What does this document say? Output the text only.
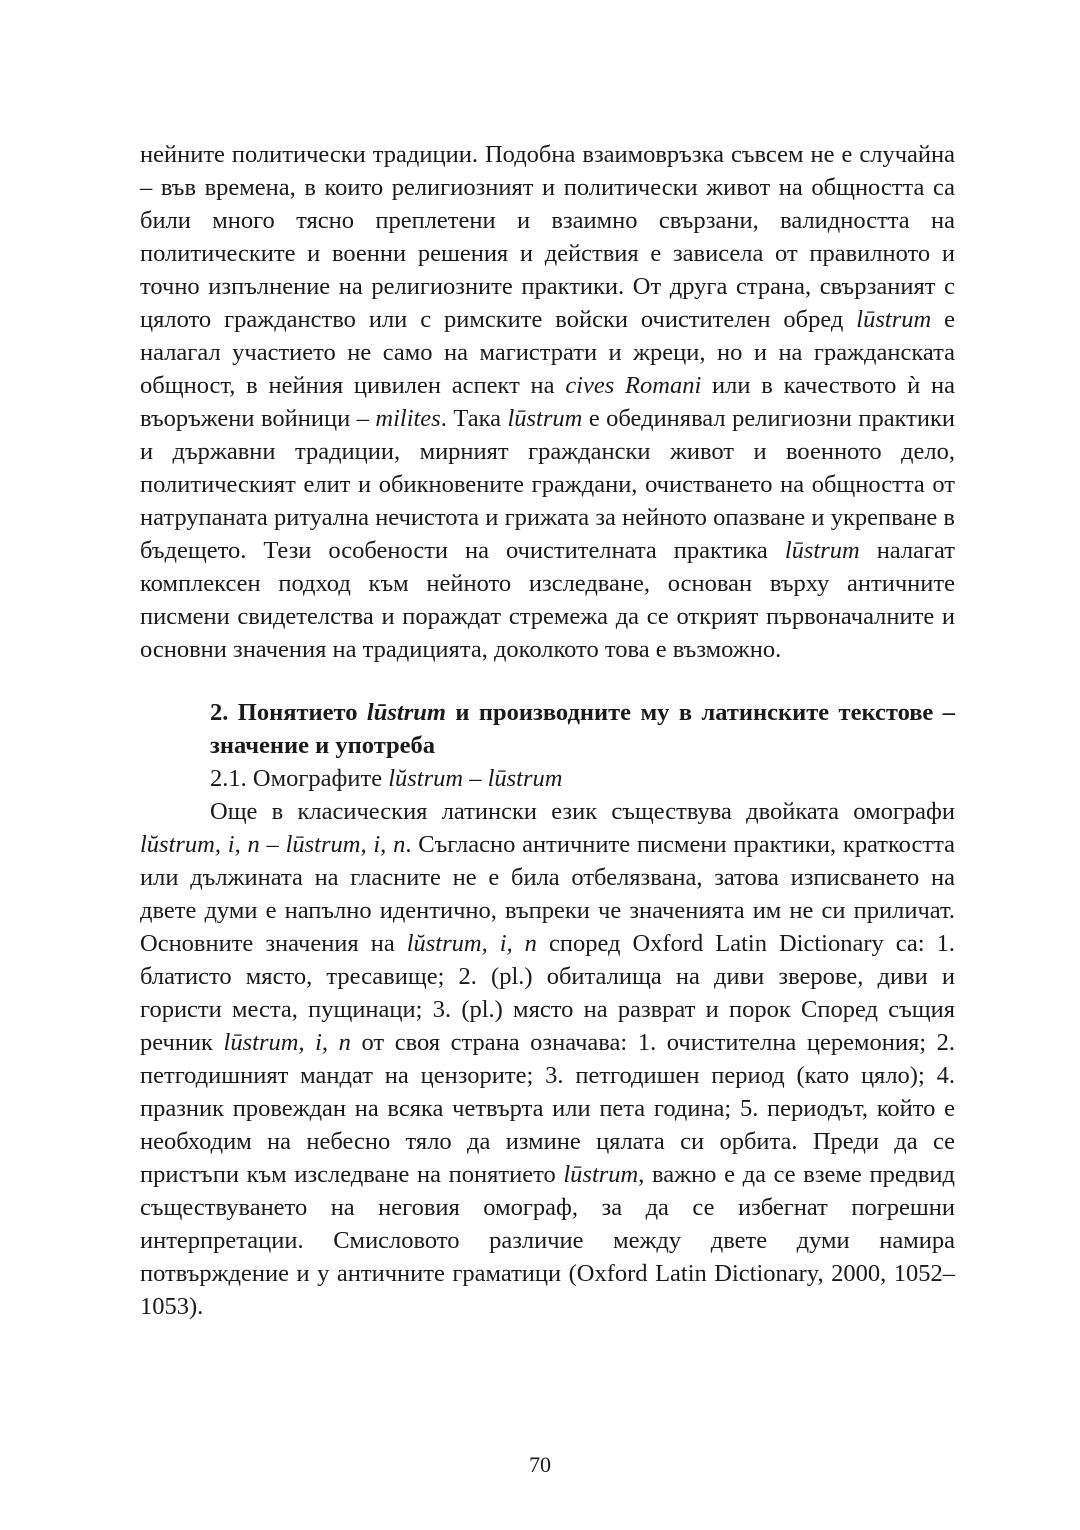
нейните политически традиции. Подобна взаимовръзка съвсем не е случайна – във времена, в които религиозният и политически живот на общността са били много тясно преплетени и взаимно свързани, валидността на политическите и военни решения и действия е зависела от правилното и точно изпълнение на религиозните практики. От друга страна, свързаният с цялото гражданство или с римските войски очистителен обред lūstrum е налагал участието не само на магистрати и жреци, но и на гражданската общност, в нейния цивилен аспект на cives Romani или в качеството ѝ на въоръжени войници – milites. Така lūstrum е обединявал религиозни практики и държавни традиции, мирният граждански живот и военното дело, политическият елит и обикновените граждани, очистването на общността от натрупаната ритуална нечистота и грижата за нейното опазване и укрепване в бъдещето. Тези особености на очистителната практика lūstrum налагат комплексен подход към нейното изследване, основан върху античните писмени свидетелства и пораждат стремежа да се открият първоначалните и основни значения на традицията, доколкото това е възможно.

2. Понятието lūstrum и производните му в латинските текстове – значение и употреба

2.1. Омографите lŭstrum – lūstrum

Още в класическия латински език съществува двойката омографи lŭstrum, i, n – lūstrum, i, n. Съгласно античните писмени практики, краткостта или дължината на гласните не е била отбелязвана, затова изписването на двете думи е напълно идентично, въпреки че значенията им не си приличат. Основните значения на lŭstrum, i, n според Oxford Latin Dictionary са: 1. блатисто място, тресавище; 2. (pl.) обиталища на диви зверове, диви и гористи места, пущинаци; 3. (pl.) място на разврат и порок Според същия речник lūstrum, i, n от своя страна означава: 1. очистителна церемония; 2. петгодишният мандат на цензорите; 3. петгодишен период (като цяло); 4. празник провеждан на всяка четвърта или пета година; 5. периодът, който е необходим на небесно тяло да измине цялата си орбита. Преди да се пристъпи към изследване на понятието lūstrum, важно е да се вземе предвид съществуването на неговия омограф, за да се избегнат погрешни интерпретации. Смисловото различие между двете думи намира потвърждение и у античните граматици (Oxford Latin Dictionary, 2000, 1052–1053).

70
